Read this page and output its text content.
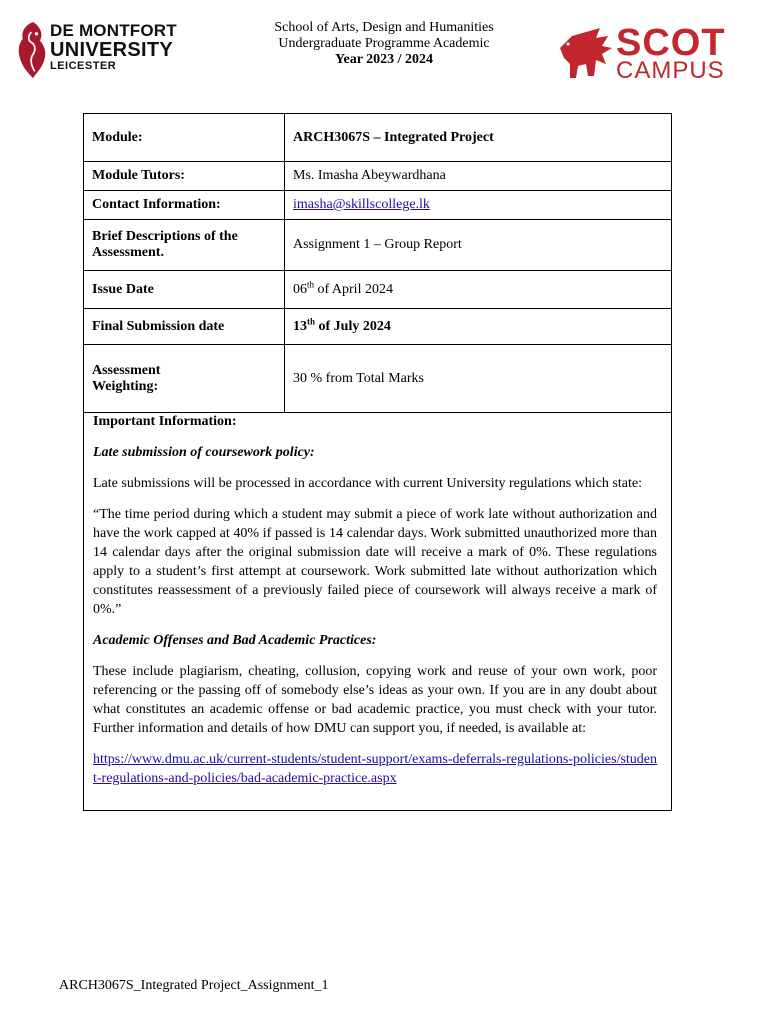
DE MONTFORT
UNIVERSITY
LEICESTER
School of Arts, Design and Humanities
Undergraduate Programme Academic
Year 2023 / 2024	SCOT
CAMPUS
Module:	ARCH3067S – Integrated Project
Module Tutors:	Ms. Imasha Abeywardhana
Contact Information:	imasha@skillscollege.lk
Brief Descriptions of the Assessment.	Assignment 1 – Group Report
Issue Date	06th of April 2024
Final Submission date	13th of July 2024

Assessment
Weighting:	30 % from Total Marks

Important Information:

Late submission of coursework policy:

Late submissions will be processed in accordance with current University regulations which state:

“The time period during which a student may submit a piece of work late without authorization and have the work capped at 40% if passed is 14 calendar days. Work submitted unauthorized more than 14 calendar days after the original submission date will receive a mark of 0%. These regulations apply to a student’s first attempt at coursework. Work submitted late without authorization which constitutes reassessment of a previously failed piece of coursework will always receive a mark of 0%.”

Academic Offenses and Bad Academic Practices:

These include plagiarism, cheating, collusion, copying work and reuse of your own work, poor referencing or the passing off of somebody else’s ideas as your own. If you are in any doubt about what constitutes an academic offense or bad academic practice, you must check with your tutor. Further information and details of how DMU can support you, if needed, is available at:

https://www.dmu.ac.uk/current-students/student-support/exams-deferrals-regulations-policies/student-regulations-and-policies/bad-academic-practice.aspx

ARCH3067S_Integrated Project_Assignment_1
